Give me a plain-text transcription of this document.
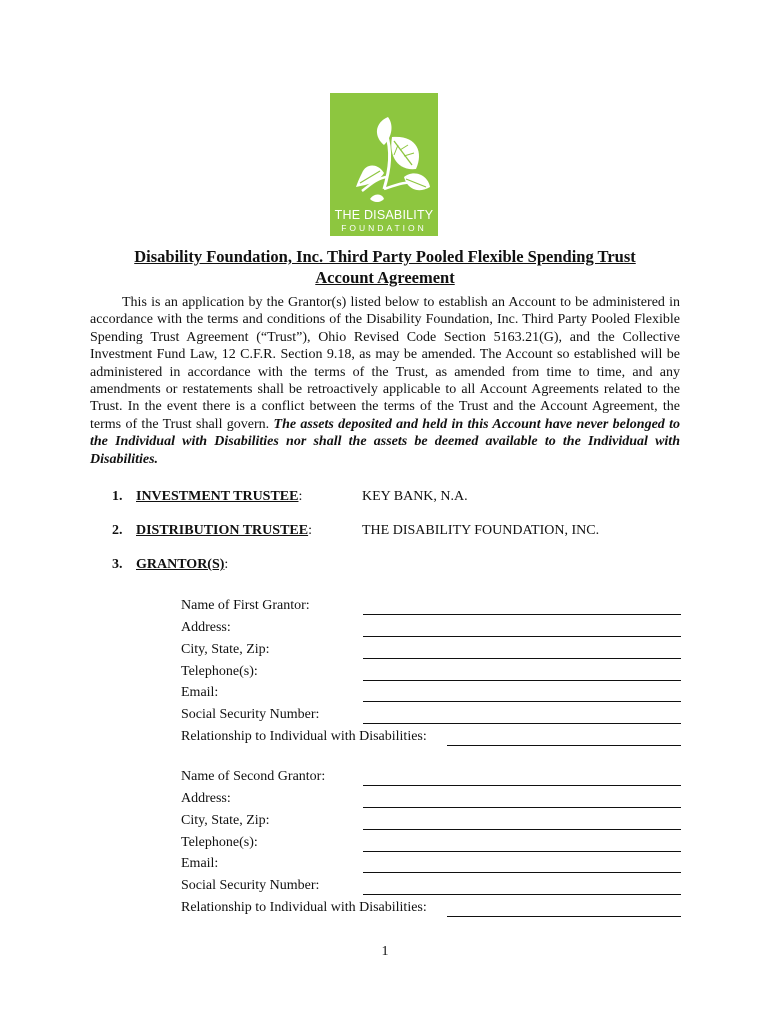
THE DISABILITY
FOUNDATION
Disability Foundation, Inc. Third Party Pooled Flexible Spending Trust
Account Agreement
This is an application by the Grantor(s) listed below to establish an Account to be administered in accordance with the terms and conditions of the Disability Foundation, Inc. Third Party Pooled Flexible Spending Trust Agreement (“Trust”), Ohio Revised Code Section 5163.21(G), and the Collective Investment Fund Law, 12 C.F.R. Section 9.18, as may be amended. The Account so established will be administered in accordance with the terms of the Trust, as amended from time to time, and any amendments or restatements shall be retroactively applicable to all Account Agreements related to the Trust. In the event there is a conflict between the terms of the Trust and the Account Agreement, the terms of the Trust shall govern. The assets deposited and held in this Account have never belonged to the Individual with Disabilities nor shall the assets be deemed available to the Individual with Disabilities.
1. INVESTMENT TRUSTEE:	KEY BANK, N.A.
2. DISTRIBUTION TRUSTEE:	THE DISABILITY FOUNDATION, INC.
3. GRANTOR(S):
Name of First Grantor:
Address:
City, State, Zip:
Telephone(s):
Email:
Social Security Number:
Relationship to Individual with Disabilities:
Name of Second Grantor:
Address:
City, State, Zip:
Telephone(s):
Email:
Social Security Number:
Relationship to Individual with Disabilities:
1
